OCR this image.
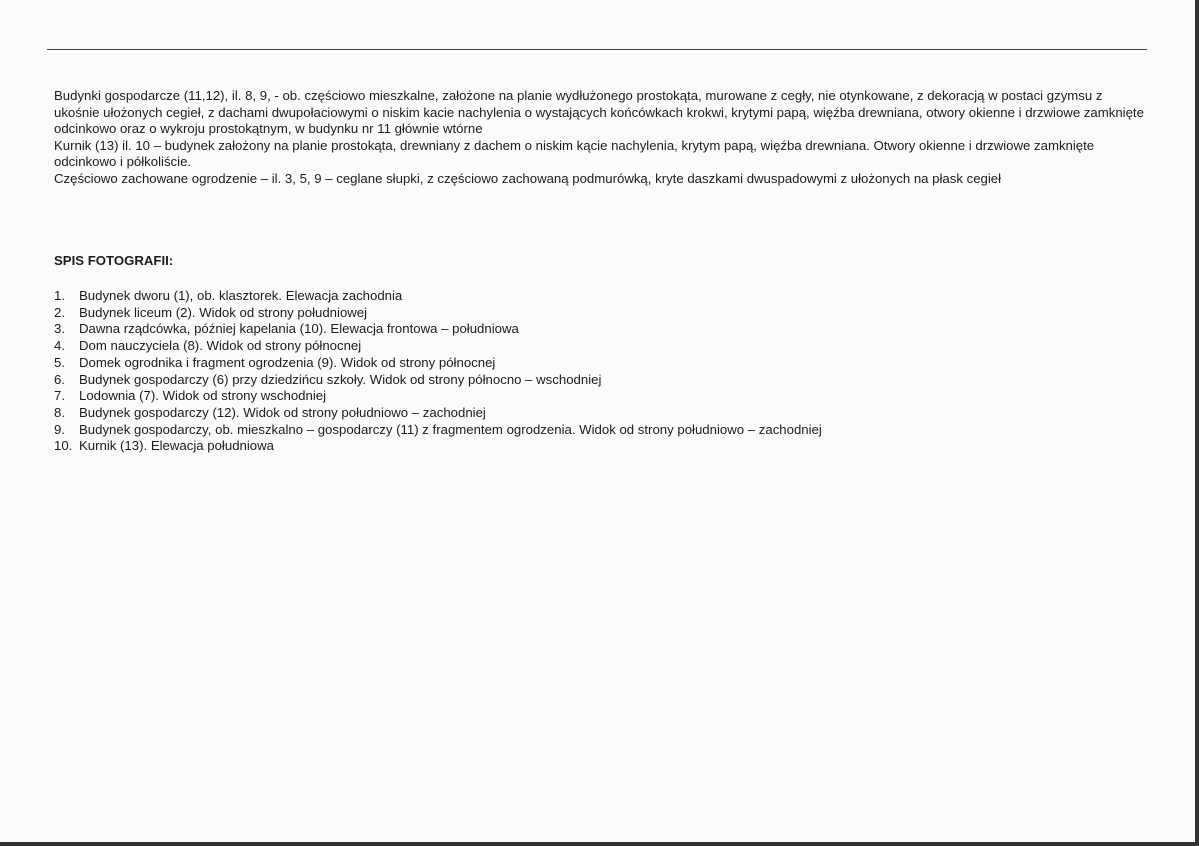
Budynki gospodarcze (11,12), il. 8, 9, - ob. częściowo mieszkalne, założone na planie wydłużonego prostokąta, murowane z cegły, nie otynkowane, z dekoracją w postaci gzymsu z ukośnie ułożonych cegieł, z dachami dwupołaciowymi o niskim kacie nachylenia o wystających końcówkach krokwi, krytymi papą, więźba drewniana, otwory okienne i drzwiowe zamknięte odcinkowo oraz o wykroju prostokątnym, w budynku nr 11 głównie wtórne

Kurnik (13) il. 10 – budynek założony na planie prostokąta, drewniany z dachem o niskim kącie nachylenia, krytym papą, więźba drewniana. Otwory okienne i drzwiowe zamknięte odcinkowo i półkoliście.

Częściowo zachowane ogrodzenie – il. 3, 5, 9 – ceglane słupki, z częściowo zachowaną podmurówką, kryte daszkami dwuspadowymi z ułożonych na płask cegieł

SPIS FOTOGRAFII:
1.	Budynek dworu (1), ob. klasztorek. Elewacja zachodnia
2.	Budynek liceum (2). Widok od strony południowej
3.	Dawna rządcówka, później kapelania (10). Elewacja frontowa – południowa
4.	Dom nauczyciela (8). Widok od strony północnej
5.	Domek ogrodnika i fragment ogrodzenia (9). Widok od strony północnej
6.	Budynek gospodarczy (6) przy dziedzińcu szkoły. Widok od strony północno – wschodniej
7.	Lodownia (7). Widok od strony wschodniej
8.	Budynek gospodarczy (12). Widok od strony południowo – zachodniej
9.	Budynek gospodarczy, ob. mieszkalno – gospodarczy (11) z fragmentem ogrodzenia. Widok od strony południowo – zachodniej
10. Kurnik (13). Elewacja południowa
